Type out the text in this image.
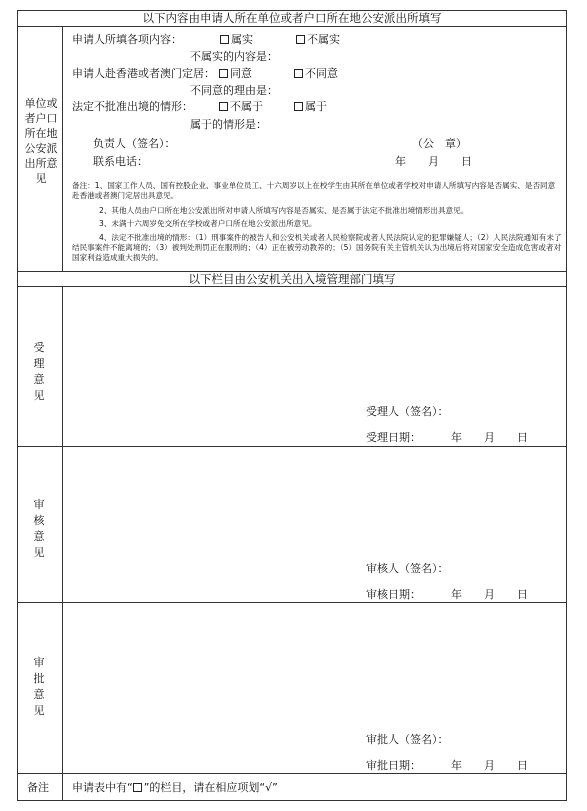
以下内容由申请人所在单位或者户口所在地公安派出所填写
单位或者户口所在地公安派出所意见
申请人所填各项内容：	属实	不属实
不属实的内容是：
申请人赴香港或者澳门定居：	同意	不同意
不同意的理由是：
法定不批准出境的情形：	不属于	属于
属于的情形是：
负责人（签名）：	（公　章）
联系电话：	年　　月　　日
备注：1、国家工作人员、国有控股企业、事业单位员工、十六周岁以上在校学生由其所在单位或者学校对申请人所填写内容是否属实、是否同意赴香港或者澳门定居出具意见。
2、其他人员由户口所在地公安派出所对申请人所填写内容是否属实、是否属于法定不批准出境情形出具意见。
3、未满十六周岁免交所在学校或者户口所在地公安派出所意见。
4、法定不批准出境的情形：（1）刑事案件的被告人和公安机关或者人民检察院或者人民法院认定的犯罪嫌疑人；（2）人民法院通知有未了结民事案件不能离境的；（3）被判处刑罚正在服刑的；（4）正在被劳动教养的；（5）国务院有关主管机关认为出境后将对国家安全造成危害或者对国家利益造成重大损失的。
以下栏目由公安机关出入境管理部门填写
受
理
意
见
受理人（签名）：
受理日期：	年　　月　　日
审
核
意
见
审核人（签名）：
审核日期：	年　　月　　日
审
批
意
见
审批人（签名）：
审批日期：	年　　月　　日
备注 申请表中有“ ”的栏目，请在相应项划“√”
